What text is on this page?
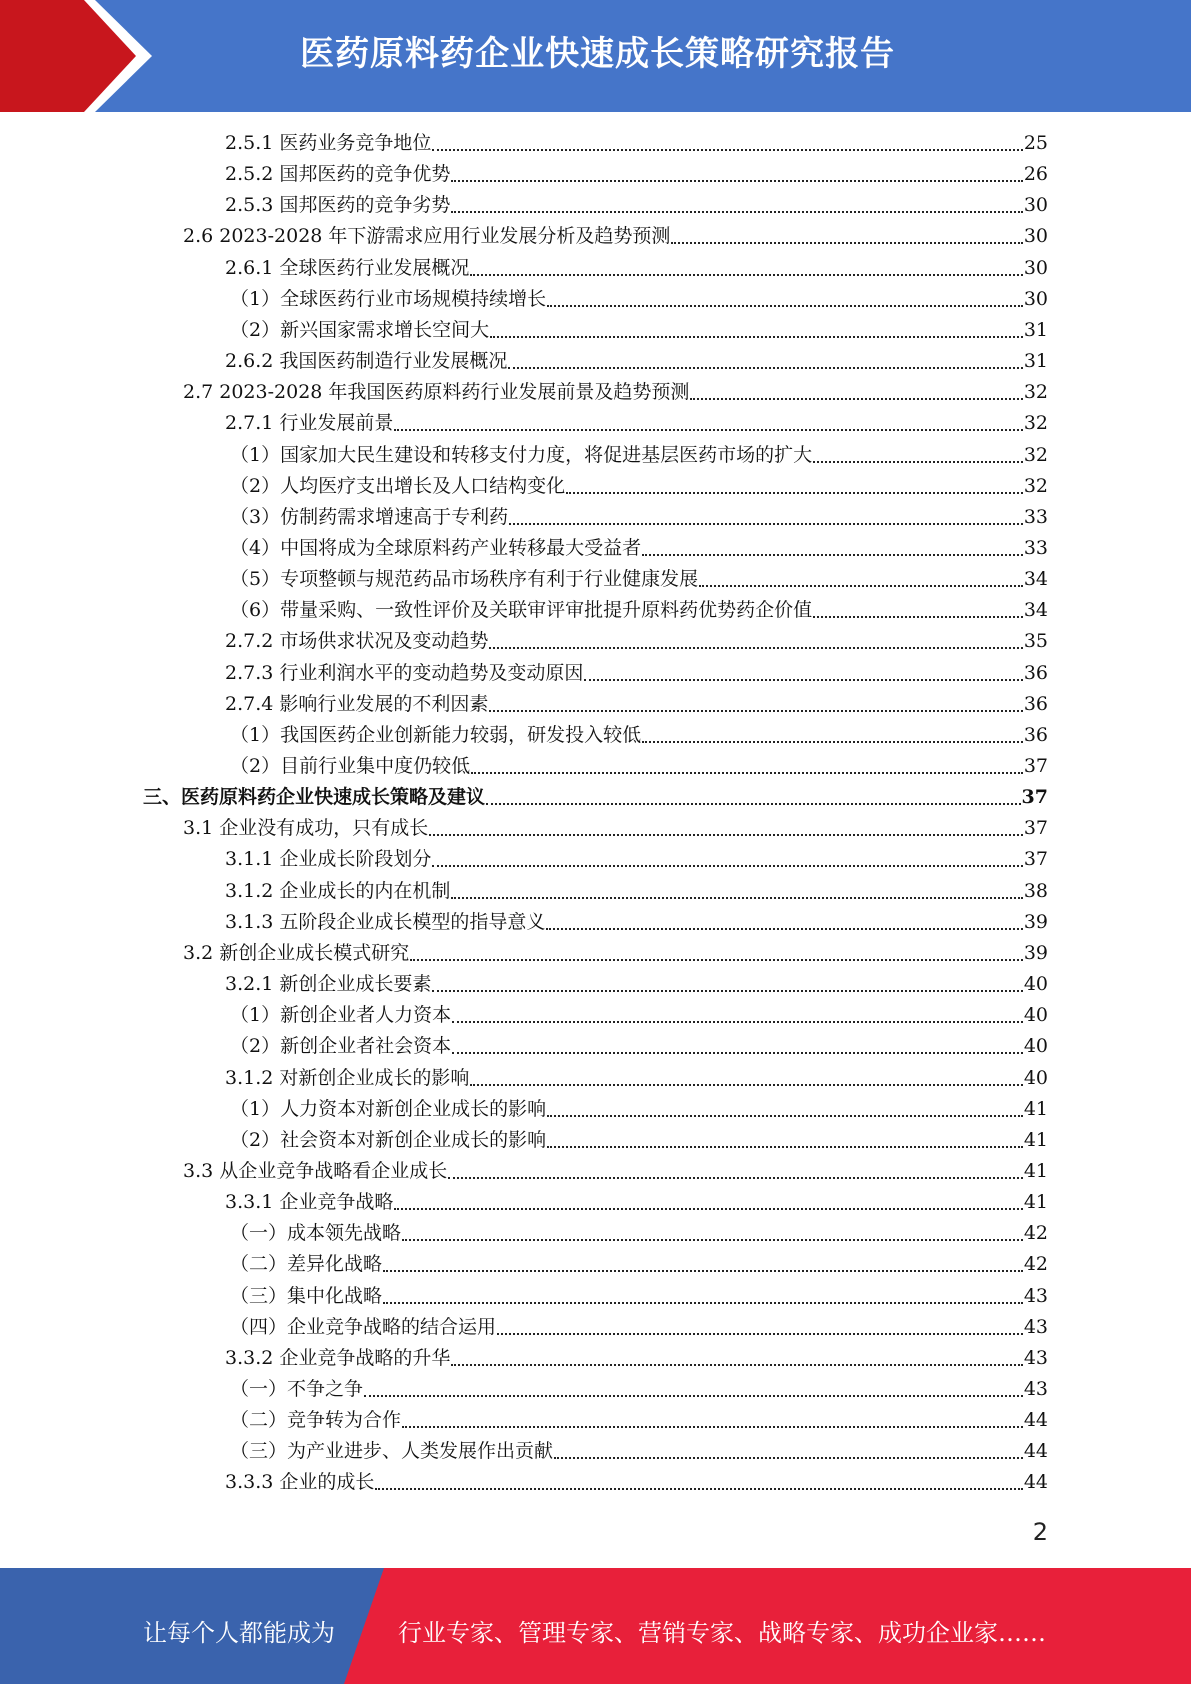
医药原料药企业快速成长策略研究报告
2.5.1 医药业务竞争地位	25
2.5.2 国邦医药的竞争优势	26
2.5.3 国邦医药的竞争劣势	30
2.6 2023-2028 年下游需求应用行业发展分析及趋势预测	30
2.6.1 全球医药行业发展概况	30
（1）全球医药行业市场规模持续增长	30
（2）新兴国家需求增长空间大	31
2.6.2 我国医药制造行业发展概况	31
2.7 2023-2028 年我国医药原料药行业发展前景及趋势预测	32
2.7.1 行业发展前景	32
（1）国家加大民生建设和转移支付力度，将促进基层医药市场的扩大	32
（2）人均医疗支出增长及人口结构变化	32
（3）仿制药需求增速高于专利药	33
（4）中国将成为全球原料药产业转移最大受益者	33
（5）专项整顿与规范药品市场秩序有利于行业健康发展	34
（6）带量采购、一致性评价及关联审评审批提升原料药优势药企价值	34
2.7.2 市场供求状况及变动趋势	35
2.7.3 行业利润水平的变动趋势及变动原因	36
2.7.4 影响行业发展的不利因素	36
（1）我国医药企业创新能力较弱，研发投入较低	36
（2）目前行业集中度仍较低	37
三、医药原料药企业快速成长策略及建议	37
3.1 企业没有成功，只有成长	37
3.1.1 企业成长阶段划分	37
3.1.2 企业成长的内在机制	38
3.1.3 五阶段企业成长模型的指导意义	39
3.2 新创企业成长模式研究	39
3.2.1 新创企业成长要素	40
（1）新创企业者人力资本	40
（2）新创企业者社会资本	40
3.1.2 对新创企业成长的影响	40
（1）人力资本对新创企业成长的影响	41
（2）社会资本对新创企业成长的影响	41
3.3 从企业竞争战略看企业成长	41
3.3.1 企业竞争战略	41
（一）成本领先战略	42
（二）差异化战略	42
（三）集中化战略	43
（四）企业竞争战略的结合运用	43
3.3.2 企业竞争战略的升华	43
（一）不争之争	43
（二）竞争转为合作	44
（三）为产业进步、人类发展作出贡献	44
3.3.3 企业的成长	44
2
让每个人都能成为	行业专家、管理专家、营销专家、战略专家、成功企业家……
